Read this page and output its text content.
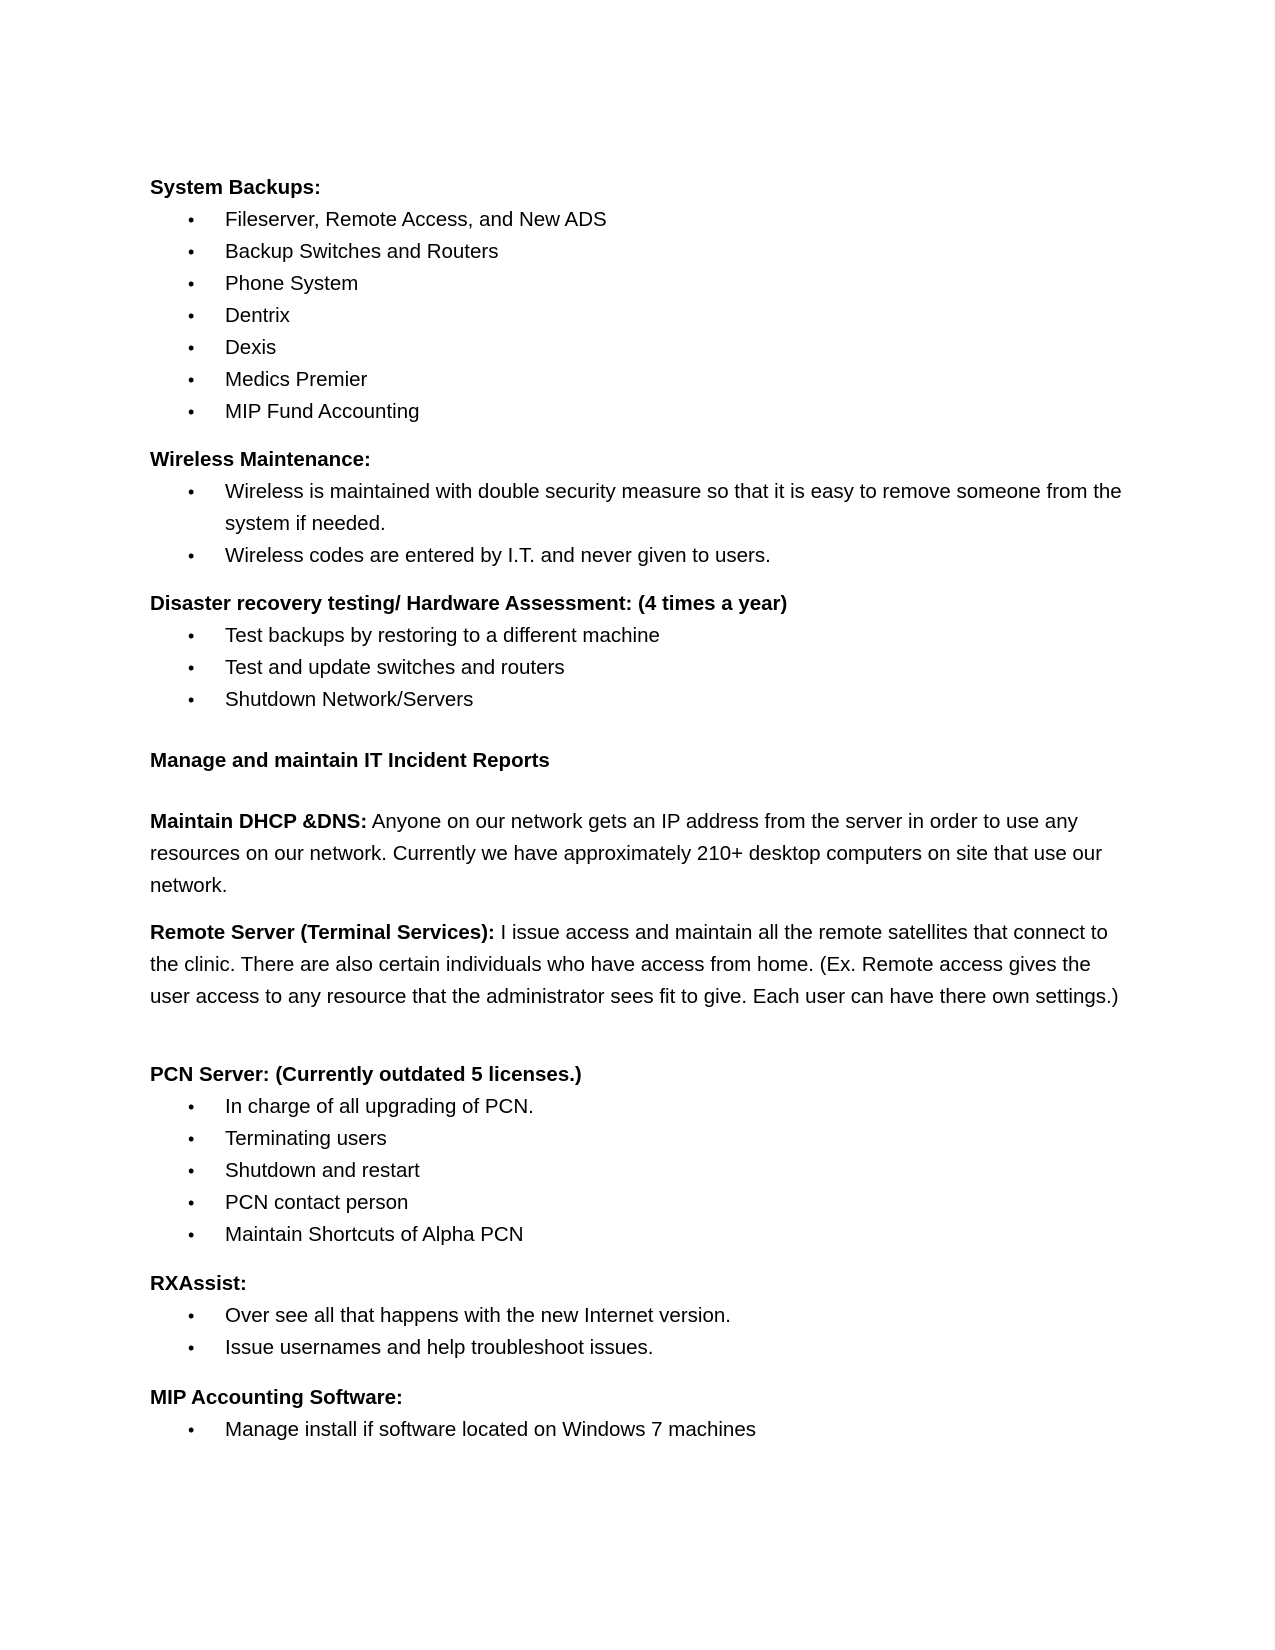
System Backups:

• Fileserver, Remote Access, and New ADS
• Backup Switches and Routers
• Phone System
• Dentrix
• Dexis
• Medics Premier
• MIP Fund Accounting

Wireless Maintenance:

• Wireless is maintained with double security measure so that it is easy to remove someone from the system if needed.
• Wireless codes are entered by I.T. and never given to users.

Disaster recovery testing/ Hardware Assessment: (4 times a year)

• Test backups by restoring to a different machine
• Test and update switches and routers
• Shutdown Network/Servers

Manage and maintain IT Incident Reports

Maintain DHCP &DNS: Anyone on our network gets an IP address from the server in order to use any resources on our network. Currently we have approximately 210+ desktop computers on site that use our network.

Remote Server (Terminal Services): I issue access and maintain all the remote satellites that connect to the clinic. There are also certain individuals who have access from home. (Ex. Remote access gives the user access to any resource that the administrator sees fit to give. Each user can have there own settings.)

PCN Server: (Currently outdated 5 licenses.)

• In charge of all upgrading of PCN.
• Terminating users
• Shutdown and restart
• PCN contact person
• Maintain Shortcuts of Alpha PCN

RXAssist:

• Over see all that happens with the new Internet version.
• Issue usernames and help troubleshoot issues.

MIP Accounting Software:

• Manage install if software located on Windows 7 machines
